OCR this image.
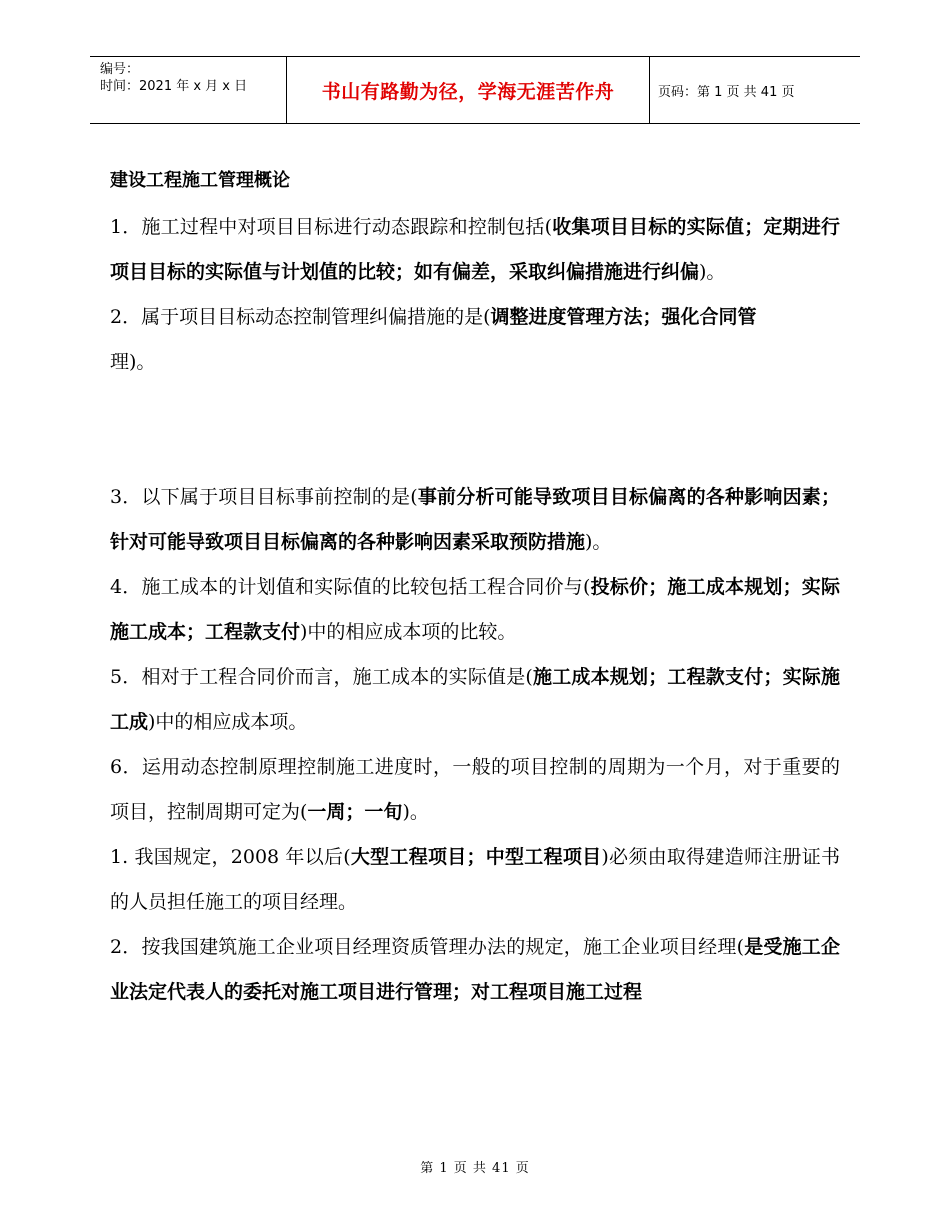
编号：
时间：2021 年 x 月 x 日	书山有路勤为径，学海无涯苦作舟	页码：第 1 页 共 41 页
建设工程施工管理概论
1．施工过程中对项目目标进行动态跟踪和控制包括(收集项目目标的实际值；定期进行项目目标的实际值与计划值的比较；如有偏差，采取纠偏措施进行纠偏)。
2．属于项目目标动态控制管理纠偏措施的是(调整进度管理方法；强化合同管
理)。
3．以下属于项目目标事前控制的是(事前分析可能导致项目目标偏离的各种影响因素；针对可能导致项目目标偏离的各种影响因素采取预防措施)。
4．施工成本的计划值和实际值的比较包括工程合同价与(投标价；施工成本规划；实际施工成本；工程款支付)中的相应成本项的比较。
5．相对于工程合同价而言，施工成本的实际值是(施工成本规划；工程款支付；实际施工成)中的相应成本项。
6．运用动态控制原理控制施工进度时，一般的项目控制的周期为一个月，对于重要的项目，控制周期可定为(一周；一旬)。
1. 我国规定，2008 年以后(大型工程项目；中型工程项目)必须由取得建造师注册证书的人员担任施工的项目经理。
2．按我国建筑施工企业项目经理资质管理办法的规定，施工企业项目经理(是受施工企业法定代表人的委托对施工项目进行管理；对工程项目施工过程
第 1 页 共 41 页
